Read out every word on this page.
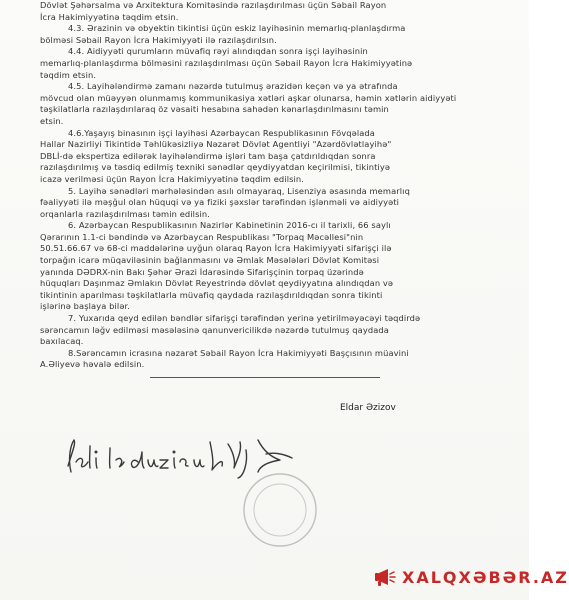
Dövlət Şəhərsalma və Arxitektura Komitəsində razılaşdırılması üçün Səbail Rayon
İcra Hakimiyyətinə təqdim etsin.
4.3. Ərazinin və obyektin tikintisi üçün eskiz layihəsinin memarlıq-planlaşdırma
bölməsi Səbail Rayon İcra Hakimiyyəti ilə razılaşdırılsın.
4.4. Aidiyyəti qurumların müvafiq rəyi alındıqdan sonra işçi layihəsinin
memarlıq-planlaşdırma bölməsini razılaşdırılması üçün Səbail Rayon İcra Hakimiyyətinə
təqdim etsin.
4.5. Layihələndirmə zamanı nəzərdə tutulmuş ərazidən keçən və ya ətrafında
mövcud olan müəyyən olunmamış kommunikasiya xətləri aşkar olunarsa, həmin xətlərin aidiyyəti
təşkilatlarla razılaşdırılaraq öz vəsaiti hesabına sahədən kənarlaşdırılmasını təmin
etsin.
4.6.Yaşayış binasının işçi layihəsi Azərbaycan Respublikasının Fövqəlada
Hallar Nazirliyi Tikintidə Təhlükəsizliyə Nəzarət Dövlət Agentliyi "Azərdövlətlayihə"
DBLİ-də ekspertiza edilərək layihələndirmə işləri tam başa çatdırıldıqdan sonra
razılaşdırılmış və təsdiq edilmiş texniki sənədlər qeydiyyatdan keçirilmisi, tikintiyə
icazə verilməsi üçün Rayon İcra Hakimiyyətinə təqdim edilsin.
5. Layihə sənədləri mərhələsindən asılı olmayaraq, Lisenziya əsasında memarlıq
fəaliyyəti ilə məşğul olan hüquqi və ya fiziki şəxslər tərəfindən işlənməli və aidiyyəti
orqanlarla razılaşdırılması təmin edilsin.
6. Azərbaycan Respublikasının Nazirlər Kabinetinin 2016-cı il tarixli, 66 saylı
Qərarının 1.1-ci bəndində və Azərbaycan Respublikası "Torpaq Məcəllesi"nin
50.51.66.67 və 68-ci maddələrinə uyğun olaraq Rayon İcra Hakimiyyəti sifarişçi ilə
torpağın icarə müqaviləsinin bağlanmasını və Əmlak Məsələləri Dövlət Komitəsi
yanında DƏDRX-nin Bakı Şəhər Ərazi İdarəsində Sifarişçinin torpaq üzərində
hüquqları Daşınmaz Əmlakın Dövlət Reyestrində dövlət qeydiyyatına alındıqdan və
tikintinin aparılması təşkilatlarla müvafiq qaydada razılaşdırıldıqdan sonra tikinti
işlərinə başlaya bilər.
7. Yuxarıda qeyd edilən bəndlər sifarişçi tərəfindən yerinə yetirilməyəcəyi təqdirdə
sərəncamın ləğv edilməsi məsələsinə qanunvericilikdə nəzərdə tutulmuş qaydada
baxılacaq.
8.Sərəncamın icrasına nəzarət Səbail Rayon İcra Hakimiyyəti Başçısının müavini
A.Əliyevə həvalə edilsin.
Eldar Əzizov
XALQXƏBƏR.AZ
